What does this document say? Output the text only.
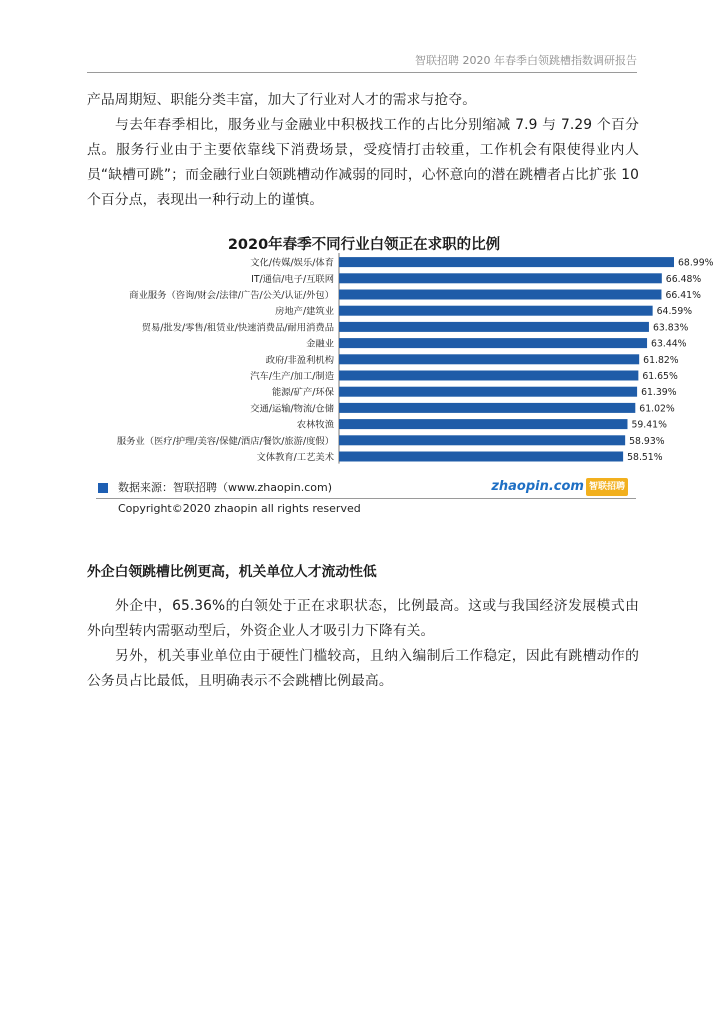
智联招聘 2020 年春季白领跳槽指数调研报告

产品周期短、职能分类丰富，加大了行业对人才的需求与抢夺。

与去年春季相比，服务业与金融业中积极找工作的占比分别缩减 7.9 与 7.29 个百分点。服务行业由于主要依靠线下消费场景，受疫情打击较重，工作机会有限使得业内人员“缺槽可跳”；而金融行业白领跳槽动作减弱的同时，心怀意向的潜在跳槽者占比扩张 10 个百分点，表现出一种行动上的谨慎。

文化/传媒/娱乐/体育	68.99%
IT/通信/电子/互联网	66.48%
商业服务（咨询/财会/法律/广告/公关/认证/外包）	66.41%
房地产/建筑业	64.59%
贸易/批发/零售/租赁业/快速消费品/耐用消费品	63.83%
金融业	63.44%
政府/非盈利机构	61.82%
汽车/生产/加工/制造	61.65%
能源/矿产/环保	61.39%
交通/运输/物流/仓储	61.02%
农林牧渔	59.41%
服务业（医疗/护理/美容/保健/酒店/餐饮/旅游/度假）	58.93%
文体教育/工艺美术	58.51%
2020年春季不同行业白领正在求职的比例
数据来源：智联招聘（www.zhaopin.com)	zhaopin.com 智联招聘
Copyright©2020 zhaopin all rights reserved
外企白领跳槽比例更高，机关单位人才流动性低

外企中，65.36%的白领处于正在求职状态，比例最高。这或与我国经济发展模式由外向型转内需驱动型后，外资企业人才吸引力下降有关。

另外，机关事业单位由于硬性门槛较高，且纳入编制后工作稳定，因此有跳槽动作的公务员占比最低，且明确表示不会跳槽比例最高。
